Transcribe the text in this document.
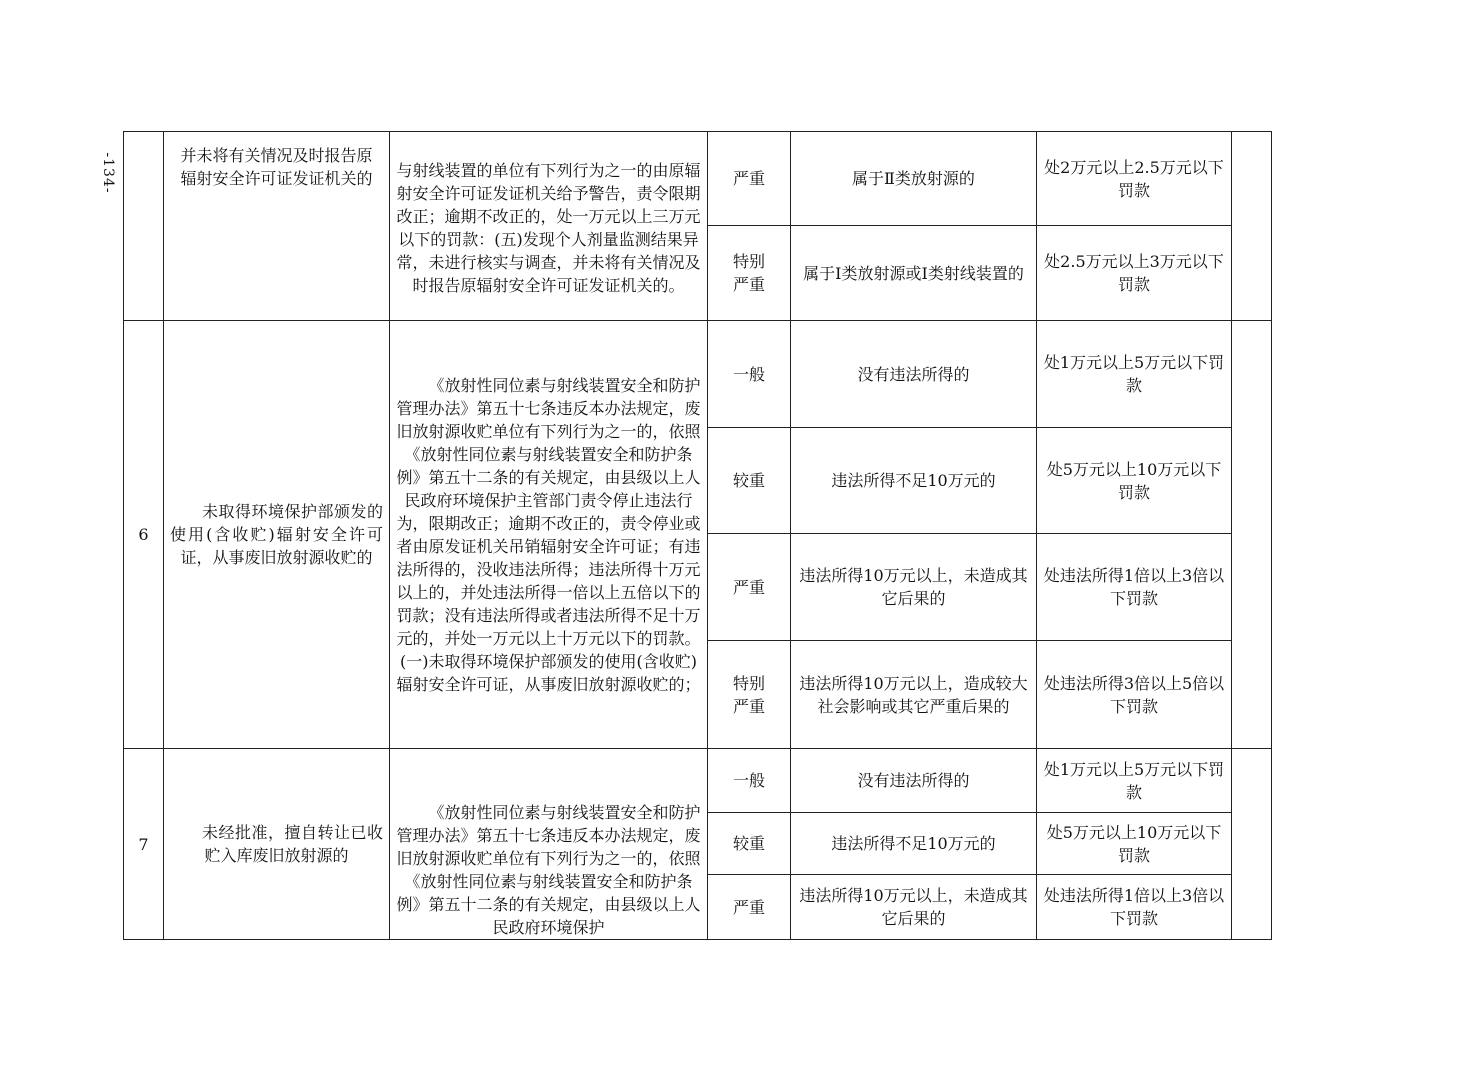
-134-
		并未将有关情况及时报告原辐射安全许可证发证机关的	与射线装置的单位有下列行为之一的由原辐射安全许可证发证机关给予警告，责令限期改正；逾期不改正的，处一万元以上三万元以下的罚款：(五)发现个人剂量监测结果异常，未进行核实与调查，并未将有关情况及时报告原辐射安全许可证发证机关的。	严重	属于Ⅱ类放射源的	处2万元以上2.5万元以下罚款	

			特别严重	属于I类放射源或I类射线装置的	处2.5万元以上3万元以下罚款	
6	未取得环境保护部颁发的使用(含收贮)辐射安全许可证，从事废旧放射源收贮的	《放射性同位素与射线装置安全和防护管理办法》第五十七条违反本办法规定，废旧放射源收贮单位有下列行为之一的，依照《放射性同位素与射线装置安全和防护条例》第五十二条的有关规定，由县级以上人民政府环境保护主管部门责令停止违法行为，限期改正；逾期不改正的，责令停业或者由原发证机关吊销辐射安全许可证；有违法所得的，没收违法所得；违法所得十万元以上的，并处违法所得一倍以上五倍以下的罚款；没有违法所得或者违法所得不足十万元的，并处一万元以上十万元以下的罚款。(一)未取得环境保护部颁发的使用(含收贮)辐射安全许可证，从事废旧放射源收贮的；	一般	没有违法所得的	处1万元以上5万元以下罚款	
			较重	违法所得不足10万元的	处5万元以上10万元以下罚款	
			严重	违法所得10万元以上，未造成其它后果的	处违法所得1倍以上3倍以下罚款	

			特别严重	违法所得10万元以上，造成较大社会影响或其它严重后果的	处违法所得3倍以上5倍以下罚款	
7	未经批准，擅自转让已收贮入库废旧放射源的	《放射性同位素与射线装置安全和防护管理办法》第五十七条违反本办法规定，废旧放射源收贮单位有下列行为之一的，依照《放射性同位素与射线装置安全和防护条例》第五十二条的有关规定，由县级以上人民政府环境保护	一般	没有违法所得的	处1万元以上5万元以下罚款	
			较重	违法所得不足10万元的	处5万元以上10万元以下罚款	
			严重	违法所得10万元以上，未造成其它后果的	处违法所得1倍以上3倍以下罚款	
